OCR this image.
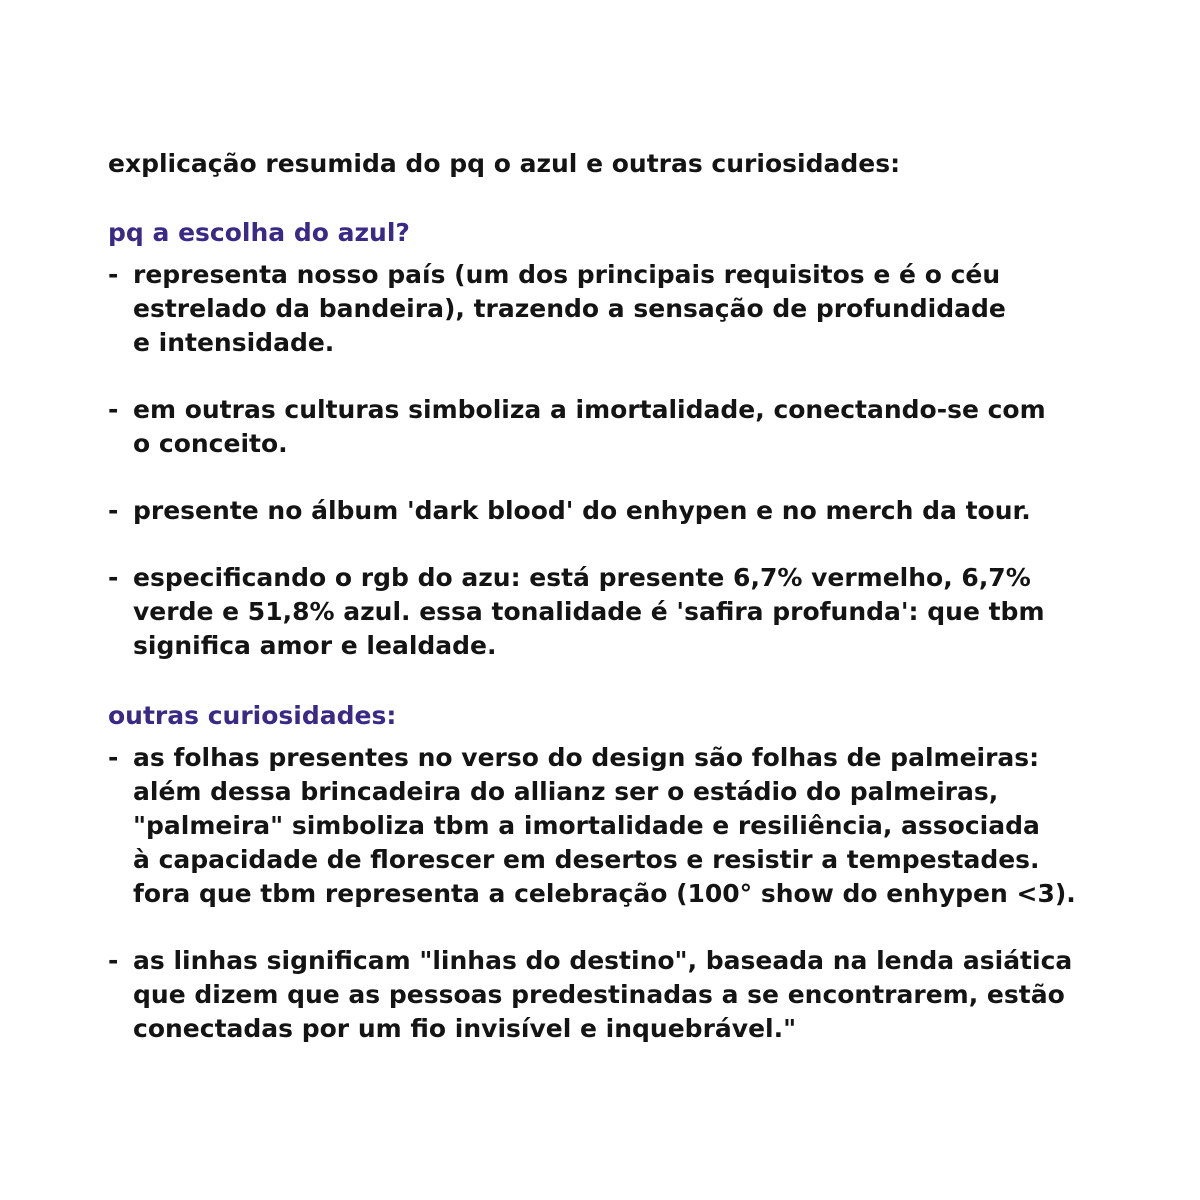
explicação resumida do pq o azul e outras curiosidades:

pq a escolha do azul?
- representa nosso país (um dos principais requisitos e é o céu
estrelado da bandeira), trazendo a sensação de profundidade
e intensidade.
- em outras culturas simboliza a imortalidade, conectando-se com
o conceito.
- presente no álbum 'dark blood' do enhypen e no merch da tour.
- especificando o rgb do azu: está presente 6,7% vermelho, 6,7%
verde e 51,8% azul. essa tonalidade é 'safira profunda': que tbm
significa amor e lealdade.
outras curiosidades:
- as folhas presentes no verso do design são folhas de palmeiras:
além dessa brincadeira do allianz ser o estádio do palmeiras,
"palmeira" simboliza tbm a imortalidade e resiliência, associada
à capacidade de florescer em desertos e resistir a tempestades.
fora que tbm representa a celebração (100° show do enhypen <3).
- as linhas significam "linhas do destino", baseada na lenda asiática
que dizem que as pessoas predestinadas a se encontrarem, estão
conectadas por um fio invisível e inquebrável."
